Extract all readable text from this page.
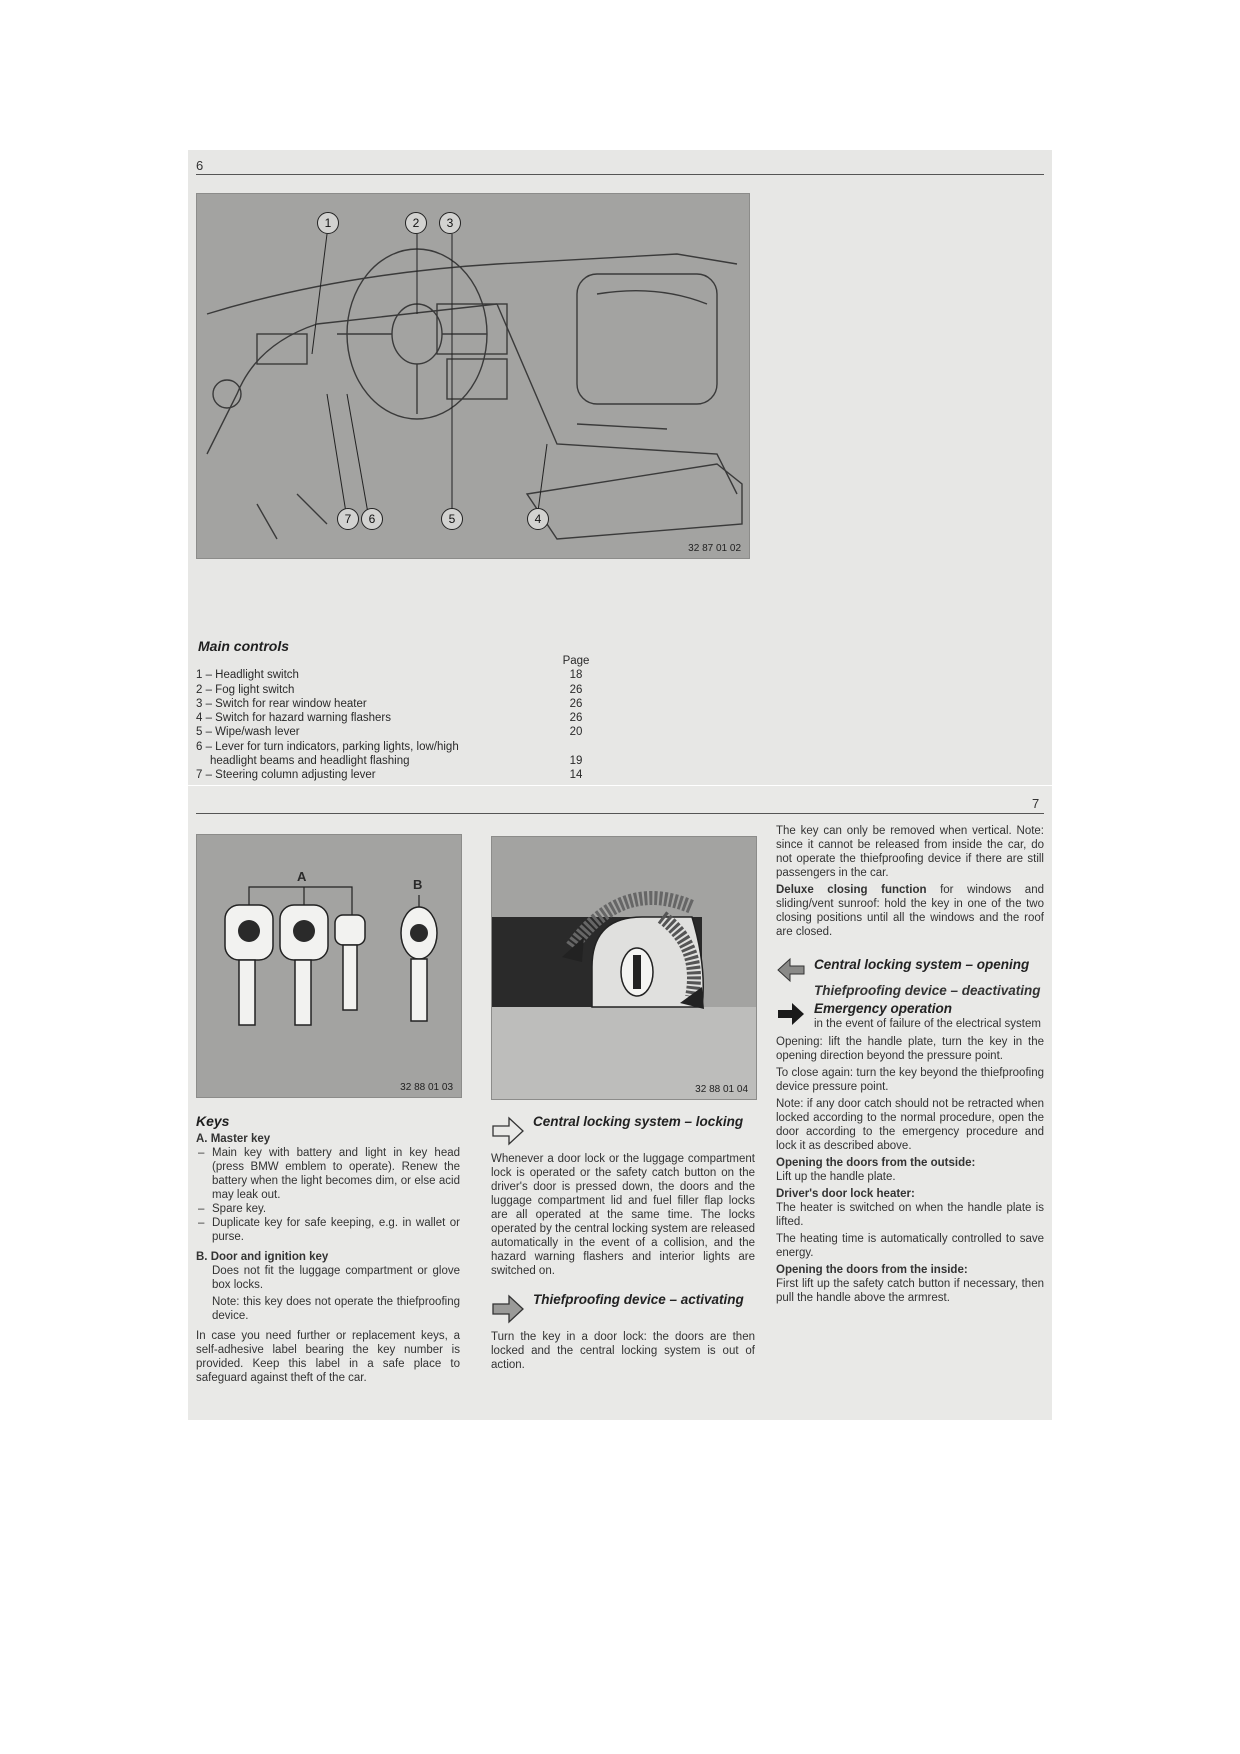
6
1	2	3
7	6	5	4
32 87 01 02
Main controls
Page
1 – Headlight switch	18
2 – Fog light switch	26
3 – Switch for rear window heater	26
4 – Switch for hazard warning flashers	26
5 – Wipe/wash lever	20
6 – Lever for turn indicators, parking lights, low/high
headlight beams and headlight flashing	19
7 – Steering column adjusting lever	14
7
A
B
32 88 01 03	32 88 01 04
Keys
A. Master key
– Main key with battery and light in key head (press BMW emblem to operate). Renew the battery when the light becomes dim, or else acid may leak out.
– Spare key.
– Duplicate key for safe keeping, e.g. in wallet or purse.
B. Door and ignition key

Does not fit the luggage compartment or glove box locks.

Note: this key does not operate the thiefproofing device.

In case you need further or replacement keys, a self-adhesive label bearing the key number is provided. Keep this label in a safe place to safeguard against theft of the car.

Central locking system – locking

Whenever a door lock or the luggage compartment lock is operated or the safety catch button on the driver's door is pressed down, the doors and the luggage compartment lid and fuel filler flap locks are all operated at the same time. The locks operated by the central locking system are released automatically in the event of a collision, and the hazard warning flashers and interior lights are switched on.

Thiefproofing device – activating

Turn the key in a door lock: the doors are then locked and the central locking system is out of action.

The key can only be removed when vertical. Note: since it cannot be released from inside the car, do not operate the thiefproofing device if there are still passengers in the car.

Deluxe closing function for windows and sliding/vent sunroof: hold the key in one of the two closing positions until all the windows and the roof are closed.

Central locking system – opening
Thiefproofing device – deactivating
Emergency operation
in the event of failure of the electrical system

Opening: lift the handle plate, turn the key in the opening direction beyond the pressure point.

To close again: turn the key beyond the thiefproofing device pressure point.

Note: if any door catch should not be retracted when locked according to the normal procedure, open the door according to the emergency procedure and lock it as described above.

Opening the doors from the outside:

Lift up the handle plate.

Driver's door lock heater:

The heater is switched on when the handle plate is lifted.

The heating time is automatically controlled to save energy.

Opening the doors from the inside:

First lift up the safety catch button if necessary, then pull the handle above the armrest.
